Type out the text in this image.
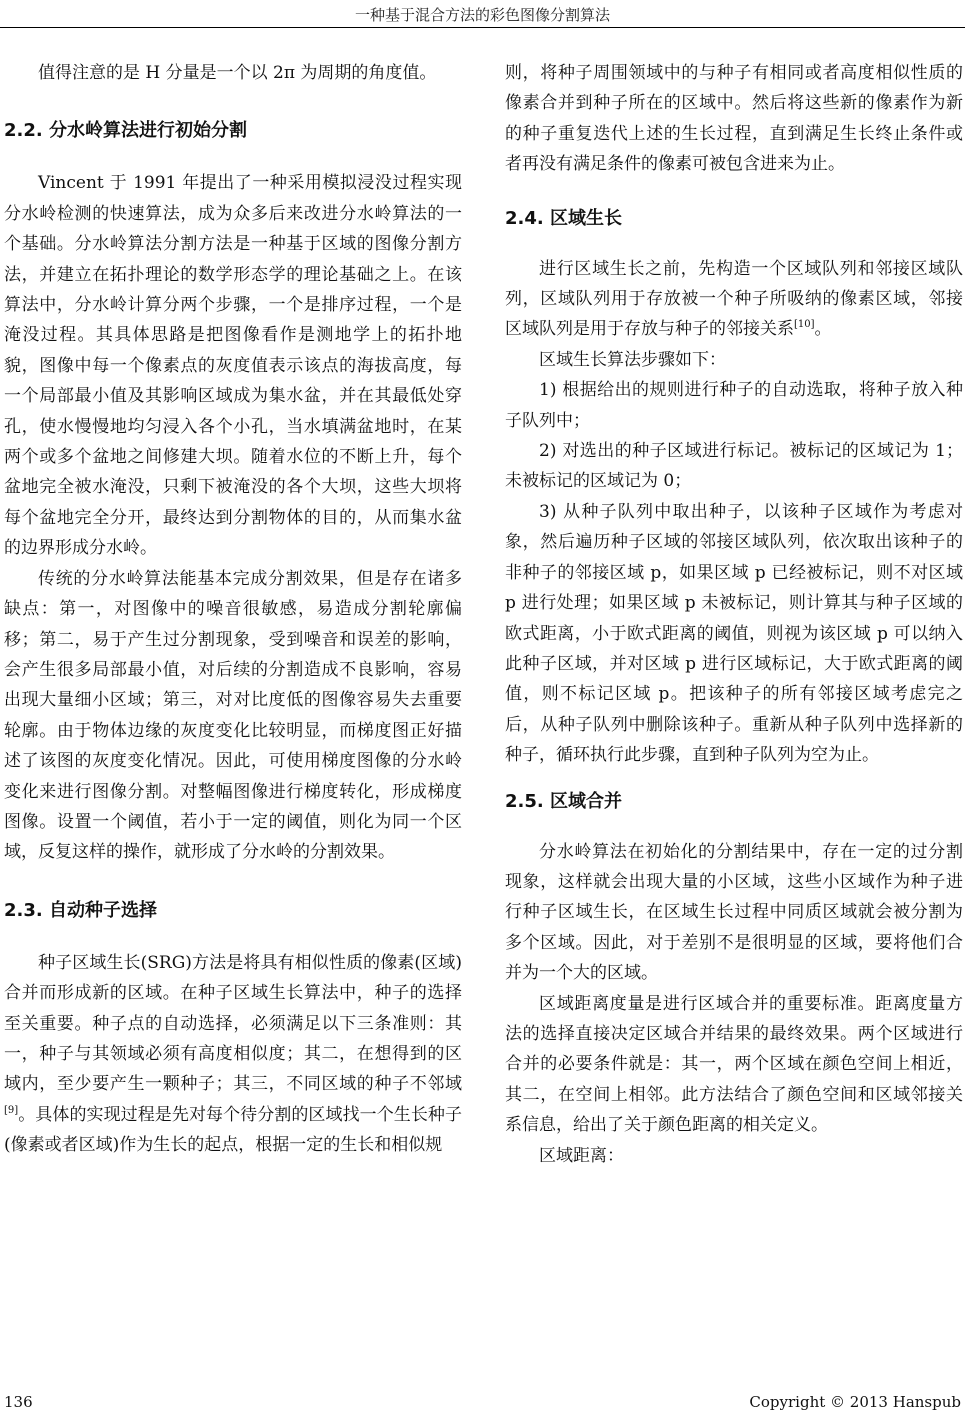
一种基于混合方法的彩色图像分割算法

值得注意的是 H 分量是一个以 2π 为周期的角度值。

2.2. 分水岭算法进行初始分割

Vincent 于 1991 年提出了一种采用模拟浸没过程实现分水岭检测的快速算法，成为众多后来改进分水岭算法的一个基础。分水岭算法分割方法是一种基于区域的图像分割方法，并建立在拓扑理论的数学形态学的理论基础之上。在该算法中，分水岭计算分两个步骤，一个是排序过程，一个是淹没过程。其具体思路是把图像看作是测地学上的拓扑地貌，图像中每一个像素点的灰度值表示该点的海拔高度，每一个局部最小值及其影响区域成为集水盆，并在其最低处穿孔，使水慢慢地均匀浸入各个小孔，当水填满盆地时，在某两个或多个盆地之间修建大坝。随着水位的不断上升，每个盆地完全被水淹没，只剩下被淹没的各个大坝，这些大坝将每个盆地完全分开，最终达到分割物体的目的，从而集水盆的边界形成分水岭。

传统的分水岭算法能基本完成分割效果，但是存在诸多缺点：第一，对图像中的噪音很敏感，易造成分割轮廓偏移；第二，易于产生过分割现象，受到噪音和误差的影响，会产生很多局部最小值，对后续的分割造成不良影响，容易出现大量细小区域；第三，对对比度低的图像容易失去重要轮廓。由于物体边缘的灰度变化比较明显，而梯度图正好描述了该图的灰度变化情况。因此，可使用梯度图像的分水岭变化来进行图像分割。对整幅图像进行梯度转化，形成梯度图像。设置一个阈值，若小于一定的阈值，则化为同一个区域，反复这样的操作，就形成了分水岭的分割效果。

2.3. 自动种子选择

种子区域生长(SRG)方法是将具有相似性质的像素(区域)合并而形成新的区域。在种子区域生长算法中，种子的选择至关重要。种子点的自动选择，必须满足以下三条准则：其一，种子与其领域必须有高度相似度；其二，在想得到的区域内，至少要产生一颗种子；其三，不同区域的种子不邻域[9]。具体的实现过程是先对每个待分割的区域找一个生长种子(像素或者区域)作为生长的起点，根据一定的生长和相似规

则，将种子周围领域中的与种子有相同或者高度相似性质的像素合并到种子所在的区域中。然后将这些新的像素作为新的种子重复迭代上述的生长过程，直到满足生长终止条件或者再没有满足条件的像素可被包含进来为止。

2.4. 区域生长

进行区域生长之前，先构造一个区域队列和邻接区域队列，区域队列用于存放被一个种子所吸纳的像素区域，邻接区域队列是用于存放与种子的邻接关系[10]。

区域生长算法步骤如下：

1) 根据给出的规则进行种子的自动选取，将种子放入种子队列中；

2) 对选出的种子区域进行标记。被标记的区域记为 1；未被标记的区域记为 0；

3) 从种子队列中取出种子，以该种子区域作为考虑对象，然后遍历种子区域的邻接区域队列，依次取出该种子的非种子的邻接区域 p，如果区域 p 已经被标记，则不对区域 p 进行处理；如果区域 p 未被标记，则计算其与种子区域的欧式距离，小于欧式距离的阈值，则视为该区域 p 可以纳入此种子区域，并对区域 p 进行区域标记，大于欧式距离的阈值，则不标记区域 p。把该种子的所有邻接区域考虑完之后，从种子队列中删除该种子。重新从种子队列中选择新的种子，循环执行此步骤，直到种子队列为空为止。

2.5. 区域合并

分水岭算法在初始化的分割结果中，存在一定的过分割现象，这样就会出现大量的小区域，这些小区域作为种子进行种子区域生长，在区域生长过程中同质区域就会被分割为多个区域。因此，对于差别不是很明显的区域，要将他们合并为一个大的区域。

区域距离度量是进行区域合并的重要标准。距离度量方法的选择直接决定区域合并结果的最终效果。两个区域进行合并的必要条件就是：其一，两个区域在颜色空间上相近，其二，在空间上相邻。此方法结合了颜色空间和区域邻接关系信息，给出了关于颜色距离的相关定义。

区域距离：

136	Copyright © 2013 Hanspub
